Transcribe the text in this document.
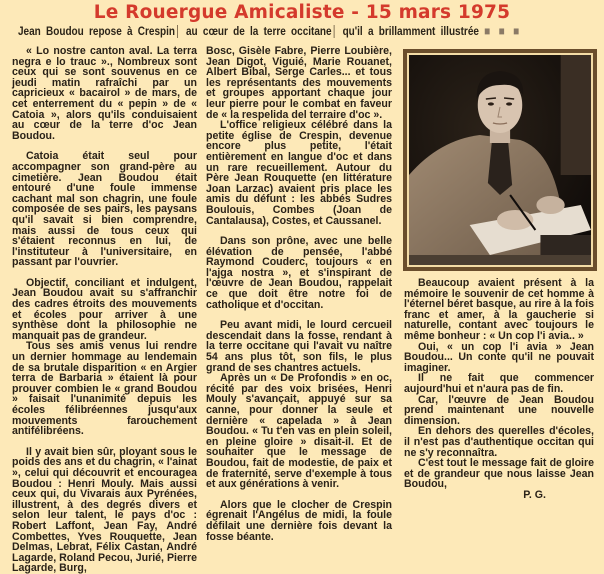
Le Rouergue Amicaliste - 15 mars 1975
Jean Boudou repose à Crespin au cœur de la terre occitane qu'il a brillamment illustrée ■ ■ ■

« Lo nostre canton aval. La terra negra e lo trauc »., Nombreux sont ceux qui se sont souvenus en ce jeudi matin rafraîchi par un capricieux « bacairol » de mars, de cet enterrement du « pepin » de « Catoia », alors qu'ils conduisaient au cœur de la terre d'oc Jean Boudou.

Catoia était seul pour accompagner son grand-père au cimetière. Jean Boudou était entouré d'une foule immense cachant mal son chagrin, une foule composée de ses pairs, les paysans qu'il savait si bien comprendre, mais aussi de tous ceux qui s'étaient reconnus en lui, de l'instituteur à l'universitaire, en passant par l'ouvrier.

Objectif, conciliant et indulgent, Jean Boudou avait su s'affranchir des cadres étroits des mouvements et écoles pour arriver à une synthèse dont la philosophie ne manquait pas de grandeur.

Tous ses amis venus lui rendre un dernier hommage au lendemain de sa brutale disparition « en Argier terra de Barbaria » étaient là pour prouver combien le « grand Boudou » faisait l'unanimité depuis les écoles félibréennes jusqu'aux mouvements farouchement antifélibréens.

Il y avait bien sûr, ployant sous le poids des ans et du chagrin, « l'ainat », celui qui découvrit et encouragea Boudou : Henri Mouly. Mais aussi ceux qui, du Vivarais aux Pyrénées, illustrent, à des degrés divers et selon leur talent, le pays d'oc : Robert Laffont, Jean Fay, André Combettes, Yves Rouquette, Jean Delmas, Lebrat, Félix Castan, André Lagarde, Roland Pecou, Jurié, Pierre Lagarde, Burg,

Bosc, Gisèle Fabre, Pierre Loubière, Jean Digot, Viguié, Marie Rouanet, Albert Bibal, Serge Carles... et tous les représentants des mouvements et groupes apportant chaque jour leur pierre pour le combat en faveur de « la respelida del terraire d'oc ».

L'office religieux célébré dans la petite église de Crespin, devenue encore plus petite, l'était entièrement en langue d'oc et dans un rare recueillement. Autour du Père Jean Rouquette (en littérature Joan Larzac) avaient pris place les amis du défunt : les abbés Sudres Boulouis, Combes (Joan de Cantalausa), Costes, et Caussanel.

Dans son prône, avec une belle élévation de pensée, l'abbé Raymond Couderc, toujours « en l'ajga nostra », et s'inspirant de l'œuvre de Jean Boudou, rappelait ce que doit être notre foi de catholique et d'occitan.

Peu avant midi, le lourd cercueil descendait dans la fosse, rendant à la terre occitane qui l'avait vu naître 54 ans plus tôt, son fils, le plus grand de ses chantres actuels.

Après un « De Profondis » en oc, récité par des voix brisées, Henri Mouly s'avançait, appuyé sur sa canne, pour donner la seule et dernière « capelada » à Jean Boudou. « Tu t'en vas en plein soleil, en pleine gloire » disait-il. Et de souhaiter que le message de Boudou, fait de modestie, de paix et de fraternité, serve d'exemple à tous et aux générations à venir.

Alors que le clocher de Crespin égrenait l'Angélus de midi, la foule défilait une dernière fois devant la fosse béante.

Beaucoup avaient présent à la mémoire le souvenir de cet homme à l'éternel béret basque, au rire à la fois franc et amer, à la gaucherie si naturelle, contant avec toujours le même bonheur : « Un cop l'i avia.. »

Oui, « un cop l'i avia » Jean Boudou... Un conte qu'il ne pouvait imaginer.

Il ne fait que commencer aujourd'hui et n'aura pas de fin.

Car, l'œuvre de Jean Boudou prend maintenant une nouvelle dimension.

En dehors des querelles d'écoles, il n'est pas d'authentique occitan qui ne s'y reconnaîtra.

C'est tout le message fait de gloire et de grandeur que nous laisse Jean Boudou,

P. G.
